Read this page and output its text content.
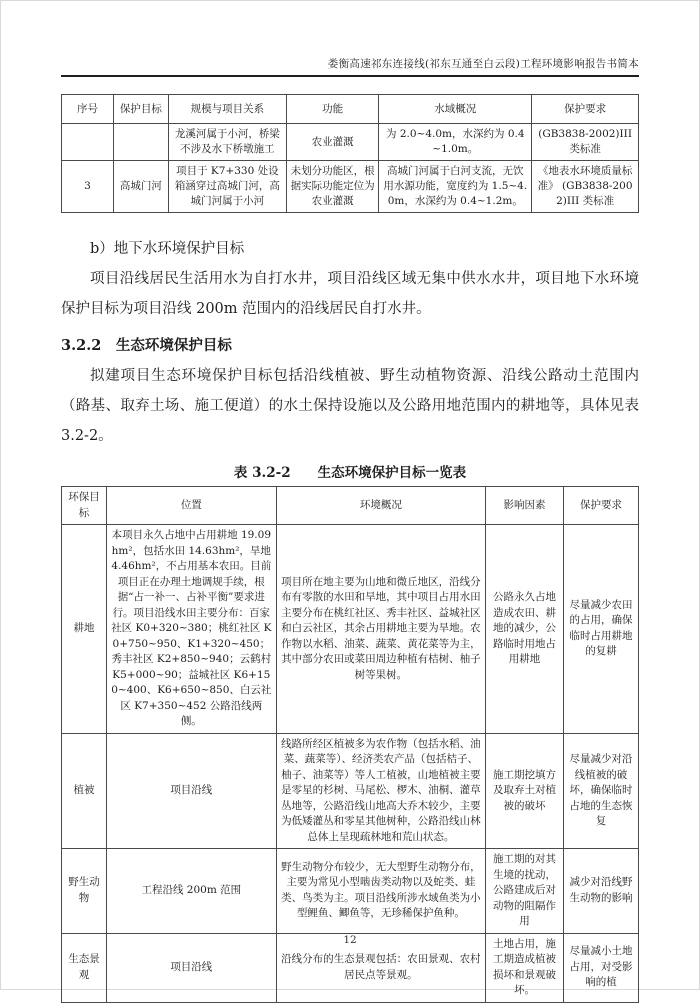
娄衡高速祁东连接线(祁东互通至白云段)工程环境影响报告书简本
序号	保护目标	规模与项目关系	功能	水域概况	保护要求
		龙溪河属于小河，桥梁不涉及水下桥墩施工	农业灌溉	为 2.0~4.0m，水深约为 0.4~1.0m。	(GB3838-2002)III 类标准
3	高城门河	项目于 K7+330 处设箱涵穿过高城门河，高城门河属于小河	未划分功能区，根据实际功能定位为农业灌溉	高城门河属于白河支流，无饮用水源功能，宽度约为 1.5~4.0m，水深约为 0.4~1.2m。	《地表水环境质量标准》 (GB3838-2002)III 类标准
b）地下水环境保护目标

项目沿线居民生活用水为自打水井，项目沿线区域无集中供水水井，项目地下水环境保护目标为项目沿线 200m 范围内的沿线居民自打水井。

3.2.2　生态环境保护目标

拟建项目生态环境保护目标包括沿线植被、野生动植物资源、沿线公路动土范围内（路基、取弃土场、施工便道）的水土保持设施以及公路用地范围内的耕地等，具体见表 3.2-2。

表 3.2-2　　生态环境保护目标一览表
环保目标	位置	环境概况	影响因素	保护要求
耕地	本项目永久占地中占用耕地 19.09hm²，包括水田 14.63hm²，旱地 4.46hm²，不占用基本农田。目前项目正在办理土地调规手续，根据“占一补一、占补平衡”要求进行。项目沿线水田主要分布：百家社区 K0+320~380；桃红社区 K0+750~950、K1+320~450；秀丰社区 K2+850~940；云鹤村 K5+000~90；益城社区 K6+150~400、K6+650~850、白云社区 K7+350~452 公路沿线两侧。	项目所在地主要为山地和微丘地区，沿线分布有零散的水田和旱地，其中项目占用水田主要分布在桃红社区、秀丰社区、益城社区和白云社区，其余占用耕地主要为旱地。农作物以水稻、油菜、蔬菜、黄花菜等为主，其中部分农田或菜田周边种植有桔树、柚子树等果树。	公路永久占地造成农田、耕地的减少，公路临时用地占用耕地	尽量减少农田的占用，确保临时占用耕地的复耕
植被	项目沿线	线路所经区植被多为农作物（包括水稻、油菜、蔬菜等）、经济类农产品（包括桔子、柚子、油菜等）等人工植被，山地植被主要是零星的杉树、马尾松、椤木、油桐、灌草丛地等，公路沿线山地高大乔木较少，主要为低矮灌丛和零星其他树种，公路沿线山林总体上呈现疏林地和荒山状态。	施工期挖填方及取弃土对植被的破坏	尽量减少对沿线植被的破坏，确保临时占地的生态恢复
野生动物	工程沿线 200m 范围	野生动物分布较少，无大型野生动物分布，主要为常见小型啮齿类动物以及蛇类、蛙类、鸟类为主。项目沿线所涉水域鱼类为小型鲤鱼、鲫鱼等，无珍稀保护鱼种。	施工期的对其生境的扰动，公路建成后对动物的阻隔作用	减少对沿线野生动物的影响
生态景观	项目沿线	沿线分布的生态景观包括：农田景观、农村居民点等景观。	土地占用，施工期造成植被损坏和景观破坏。	尽量减小土地占用，对受影响的植
12
